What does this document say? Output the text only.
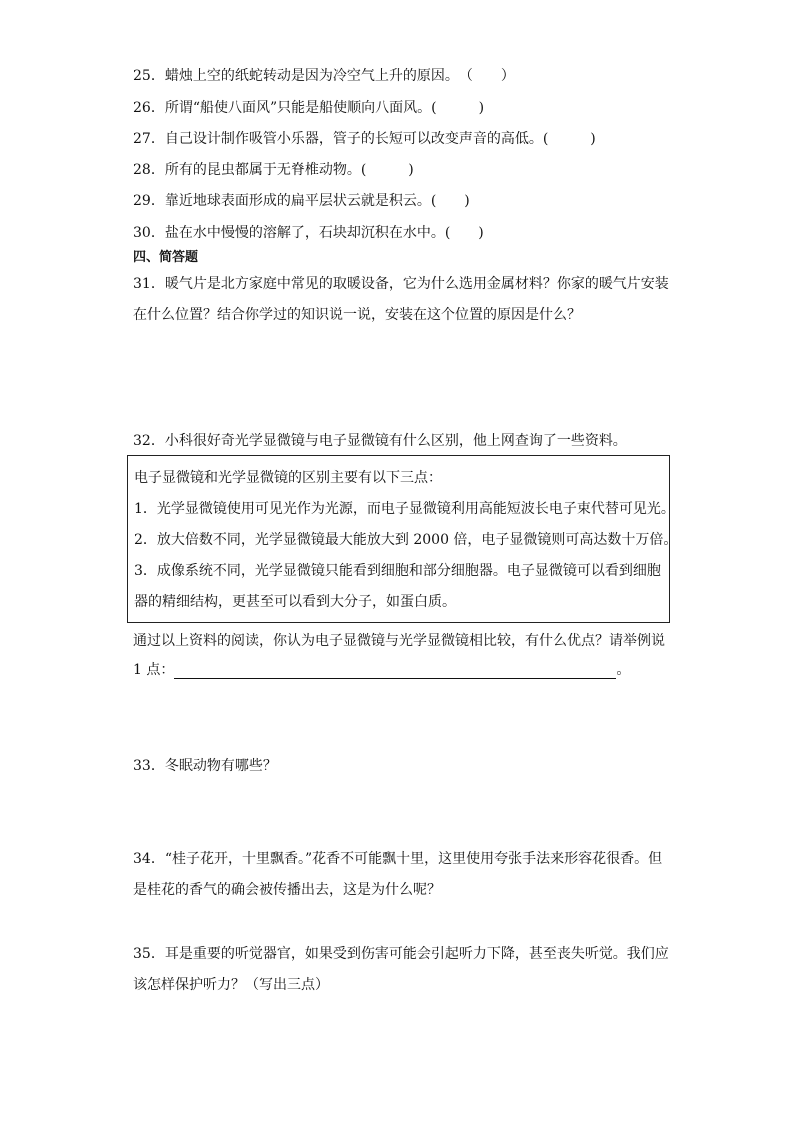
25．蜡烛上空的纸蛇转动是因为冷空气上升的原因。　（　　）
26．所谓“船使八面风”只能是船使顺向八面风。(　　　)
27．自己设计制作吸管小乐器，管子的长短可以改变声音的高低。(　　　)
28．所有的昆虫都属于无脊椎动物。(　　　)
29．靠近地球表面形成的扁平层状云就是积云。(　　)
30．盐在水中慢慢的溶解了，石块却沉积在水中。(　　)
四、简答题
31．暖气片是北方家庭中常见的取暖设备，它为什么选用金属材料？你家的暖气片安装
在什么位置？结合你学过的知识说一说，安装在这个位置的原因是什么？
32．小科很好奇光学显微镜与电子显微镜有什么区别，他上网查询了一些资料。
电子显微镜和光学显微镜的区别主要有以下三点：
1．光学显微镜使用可见光作为光源，而电子显微镜利用高能短波长电子束代替可见光。
2．放大倍数不同，光学显微镜最大能放大到 2000 倍，电子显微镜则可高达数十万倍。
3．成像系统不同，光学显微镜只能看到细胞和部分细胞器。电子显微镜可以看到细胞
器的精细结构，更甚至可以看到大分子，如蛋白质。
通过以上资料的阅读，你认为电子显微镜与光学显微镜相比较，有什么优点？请举例说
1 点：	。
33．冬眠动物有哪些？
34．“桂子花开，十里飘香。”花香不可能飘十里，这里使用夸张手法来形容花很香。但
是桂花的香气的确会被传播出去，这是为什么呢？
35．耳是重要的听觉器官，如果受到伤害可能会引起听力下降，甚至丧失听觉。我们应
该怎样保护听力？（写出三点）
